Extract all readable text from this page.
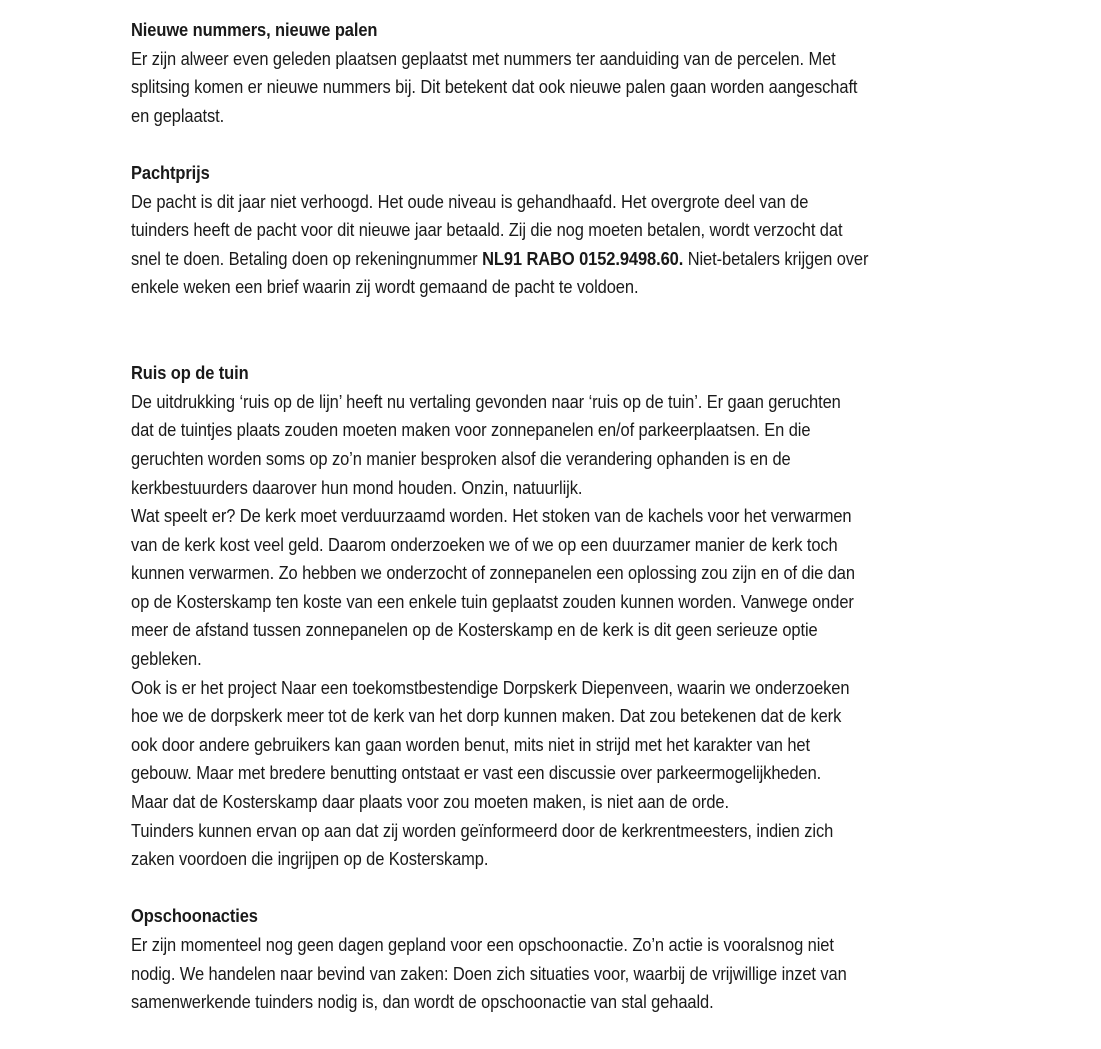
Nieuwe nummers, nieuwe palen
Er zijn alweer even geleden plaatsen geplaatst met nummers ter aanduiding van de percelen. Met
splitsing komen er nieuwe nummers bij. Dit betekent dat ook nieuwe palen gaan worden aangeschaft
en geplaatst.
Pachtprijs
De pacht is dit jaar niet verhoogd. Het oude niveau is gehandhaafd. Het overgrote deel van de
tuinders heeft de pacht voor dit nieuwe jaar betaald. Zij die nog moeten betalen, wordt verzocht dat
snel te doen. Betaling doen op rekeningnummer NL91 RABO 0152.9498.60. Niet-betalers krijgen over
enkele weken een brief waarin zij wordt gemaand de pacht te voldoen.
Ruis op de tuin
De uitdrukking ‘ruis op de lijn’ heeft nu vertaling gevonden naar ‘ruis op de tuin’. Er gaan geruchten
dat de tuintjes plaats zouden moeten maken voor zonnepanelen en/of parkeerplaatsen. En die
geruchten worden soms op zo’n manier besproken alsof die verandering ophanden is en de
kerkbestuurders daarover hun mond houden. Onzin, natuurlijk.
Wat speelt er? De kerk moet verduurzaamd worden. Het stoken van de kachels voor het verwarmen
van de kerk kost veel geld. Daarom onderzoeken we of we op een duurzamer manier de kerk toch
kunnen verwarmen. Zo hebben we onderzocht of zonnepanelen een oplossing zou zijn en of die dan
op de Kosterskamp ten koste van een enkele tuin geplaatst zouden kunnen worden. Vanwege onder
meer de afstand tussen zonnepanelen op de Kosterskamp en de kerk is dit geen serieuze optie
gebleken.
Ook is er het project Naar een toekomstbestendige Dorpskerk Diepenveen, waarin we onderzoeken
hoe we de dorpskerk meer tot de kerk van het dorp kunnen maken. Dat zou betekenen dat de kerk
ook door andere gebruikers kan gaan worden benut, mits niet in strijd met het karakter van het
gebouw. Maar met bredere benutting ontstaat er vast een discussie over parkeermogelijkheden.
Maar dat de Kosterskamp daar plaats voor zou moeten maken, is niet aan de orde.
Tuinders kunnen ervan op aan dat zij worden geïnformeerd door de kerkrentmeesters, indien zich
zaken voordoen die ingrijpen op de Kosterskamp.
Opschoonacties
Er zijn momenteel nog geen dagen gepland voor een opschoonactie. Zo’n actie is vooralsnog niet
nodig. We handelen naar bevind van zaken: Doen zich situaties voor, waarbij de vrijwillige inzet van
samenwerkende tuinders nodig is, dan wordt de opschoonactie van stal gehaald.
